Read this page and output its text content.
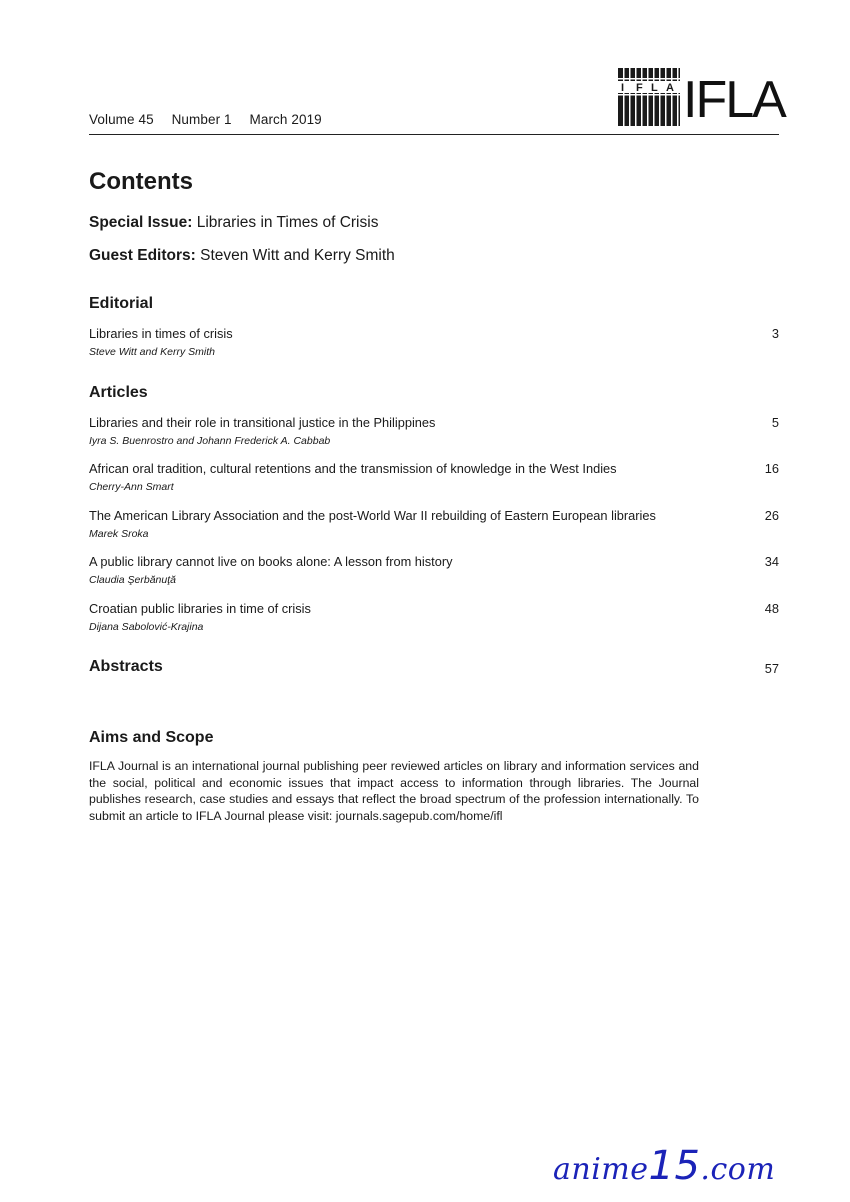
Volume 45 Number 1 March 2019
I F L A IFLA
Contents
Special Issue: Libraries in Times of Crisis
Guest Editors: Steven Witt and Kerry Smith
Editorial
Libraries in times of crisis
Steve Witt and Kerry Smith
3
Articles
Libraries and their role in transitional justice in the Philippines
Iyra S. Buenrostro and Johann Frederick A. Cabbab
5
African oral tradition, cultural retentions and the transmission of knowledge in the West Indies
Cherry-Ann Smart
16
The American Library Association and the post-World War II rebuilding of Eastern European libraries
Marek Sroka
26
A public library cannot live on books alone: A lesson from history
Claudia Şerbănuţă
34
Croatian public libraries in time of crisis
Dijana Sabolović-Krajina
48
Abstracts	57
Aims and Scope
IFLA Journal is an international journal publishing peer reviewed articles on library and information services and the social, political and economic issues that impact access to information through libraries. The Journal publishes research, case studies and essays that reflect the broad spectrum of the profession internationally. To submit an article to IFLA Journal please visit: journals.sagepub.com/home/ifl
anime15.com
